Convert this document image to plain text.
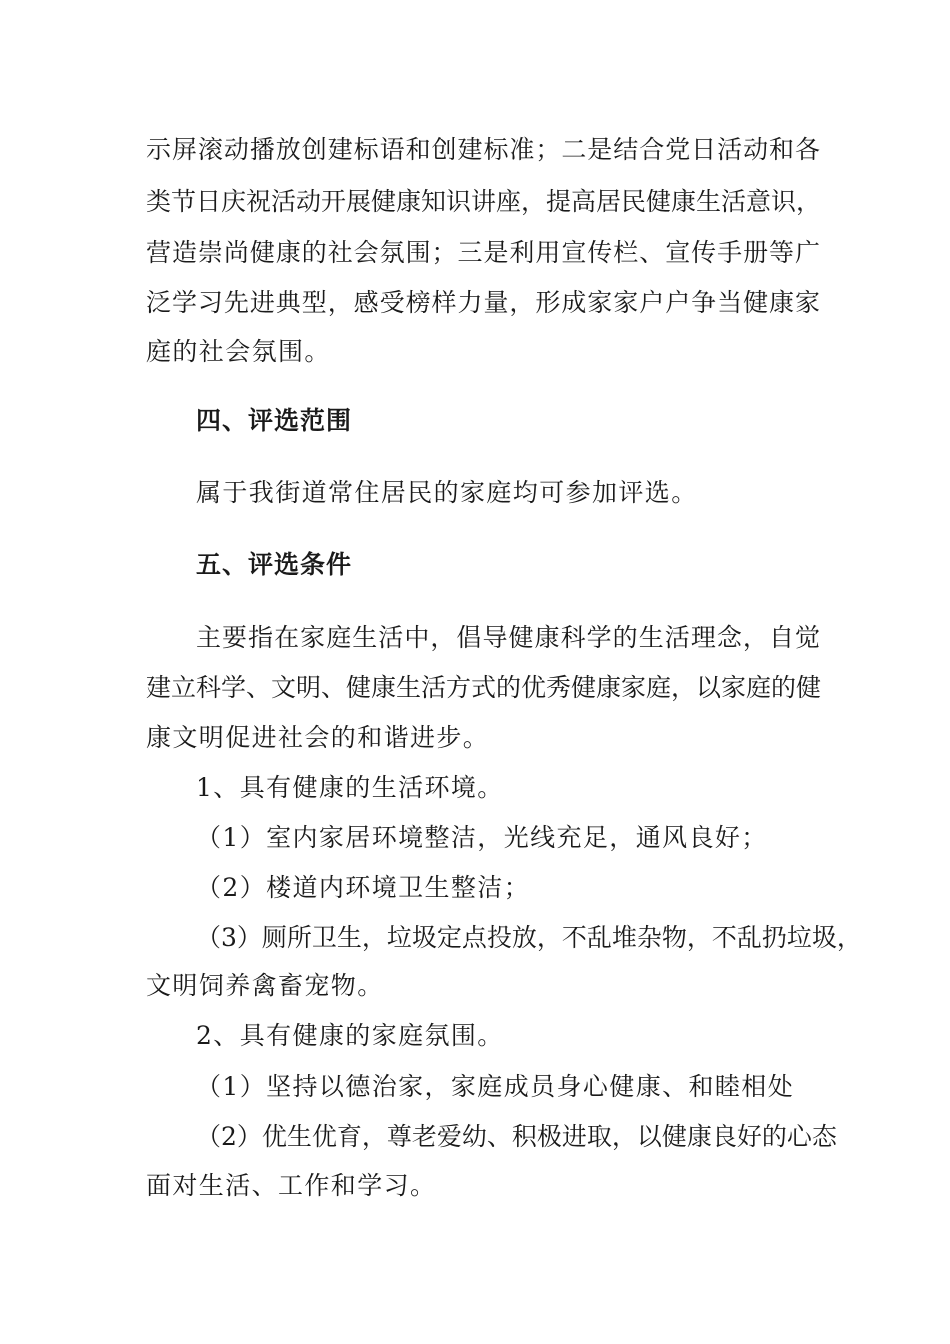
示屏滚动播放创建标语和创建标准；二是结合党日活动和各
类节日庆祝活动开展健康知识讲座，提高居民健康生活意识，
营造崇尚健康的社会氛围；三是利用宣传栏、宣传手册等广
泛学习先进典型，感受榜样力量，形成家家户户争当健康家
庭的社会氛围。
四、评选范围
属于我街道常住居民的家庭均可参加评选。
五、评选条件
主要指在家庭生活中，倡导健康科学的生活理念，自觉
建立科学、文明、健康生活方式的优秀健康家庭，以家庭的健
康文明促进社会的和谐进步。
1、具有健康的生活环境。
（1）室内家居环境整洁，光线充足，通风良好；
（2）楼道内环境卫生整洁；
（3）厕所卫生，垃圾定点投放，不乱堆杂物，不乱扔垃圾，
文明饲养禽畜宠物。
2、具有健康的家庭氛围。
（1）坚持以德治家，家庭成员身心健康、和睦相处
（2）优生优育，尊老爱幼、积极进取，以健康良好的心态
面对生活、工作和学习。
